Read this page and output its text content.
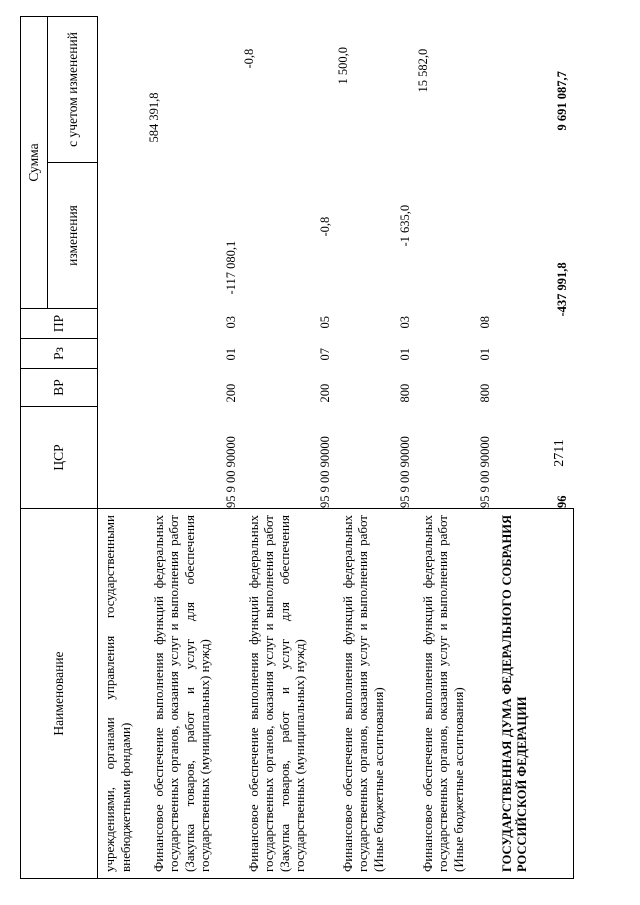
2711
Наименование	ЦСР	ВР	Рз	ПР	Сумма	
					изменения	с учетом изменений
учреждениями, органами управления государственными внебюджетными фондами)						
Финансовое обеспечение выполнения функций федеральных государственных органов, оказания услуг и выполнения работ (Закупка товаров, работ и услуг для обеспечения государственных (муниципальных) нужд)	95 9 00 90000	200	01	03	-117 080,1	584 391,8

Финансовое обеспечение выполнения функций федеральных государственных органов, оказания услуг и выполнения работ (Закупка товаров, работ и услуг для обеспечения государственных (муниципальных) нужд)	95 9 00 90000	200	07	05	-0,8	-0,8

Финансовое обеспечение выполнения функций федеральных государственных органов, оказания услуг и выполнения работ (Иные бюджетные ассигнования)	95 9 00 90000	800	01	03	-1 635,0	1 500,0

Финансовое обеспечение выполнения функций федеральных государственных органов, оказания услуг и выполнения работ (Иные бюджетные ассигнования)	95 9 00 90000	800	01	08		15 582,0

ГОСУДАРСТВЕННАЯ ДУМА ФЕДЕРАЛЬНОГО СОБРАНИЯ РОССИЙСКОЙ ФЕДЕРАЦИИ	96				-437 991,8	9 691 087,7
